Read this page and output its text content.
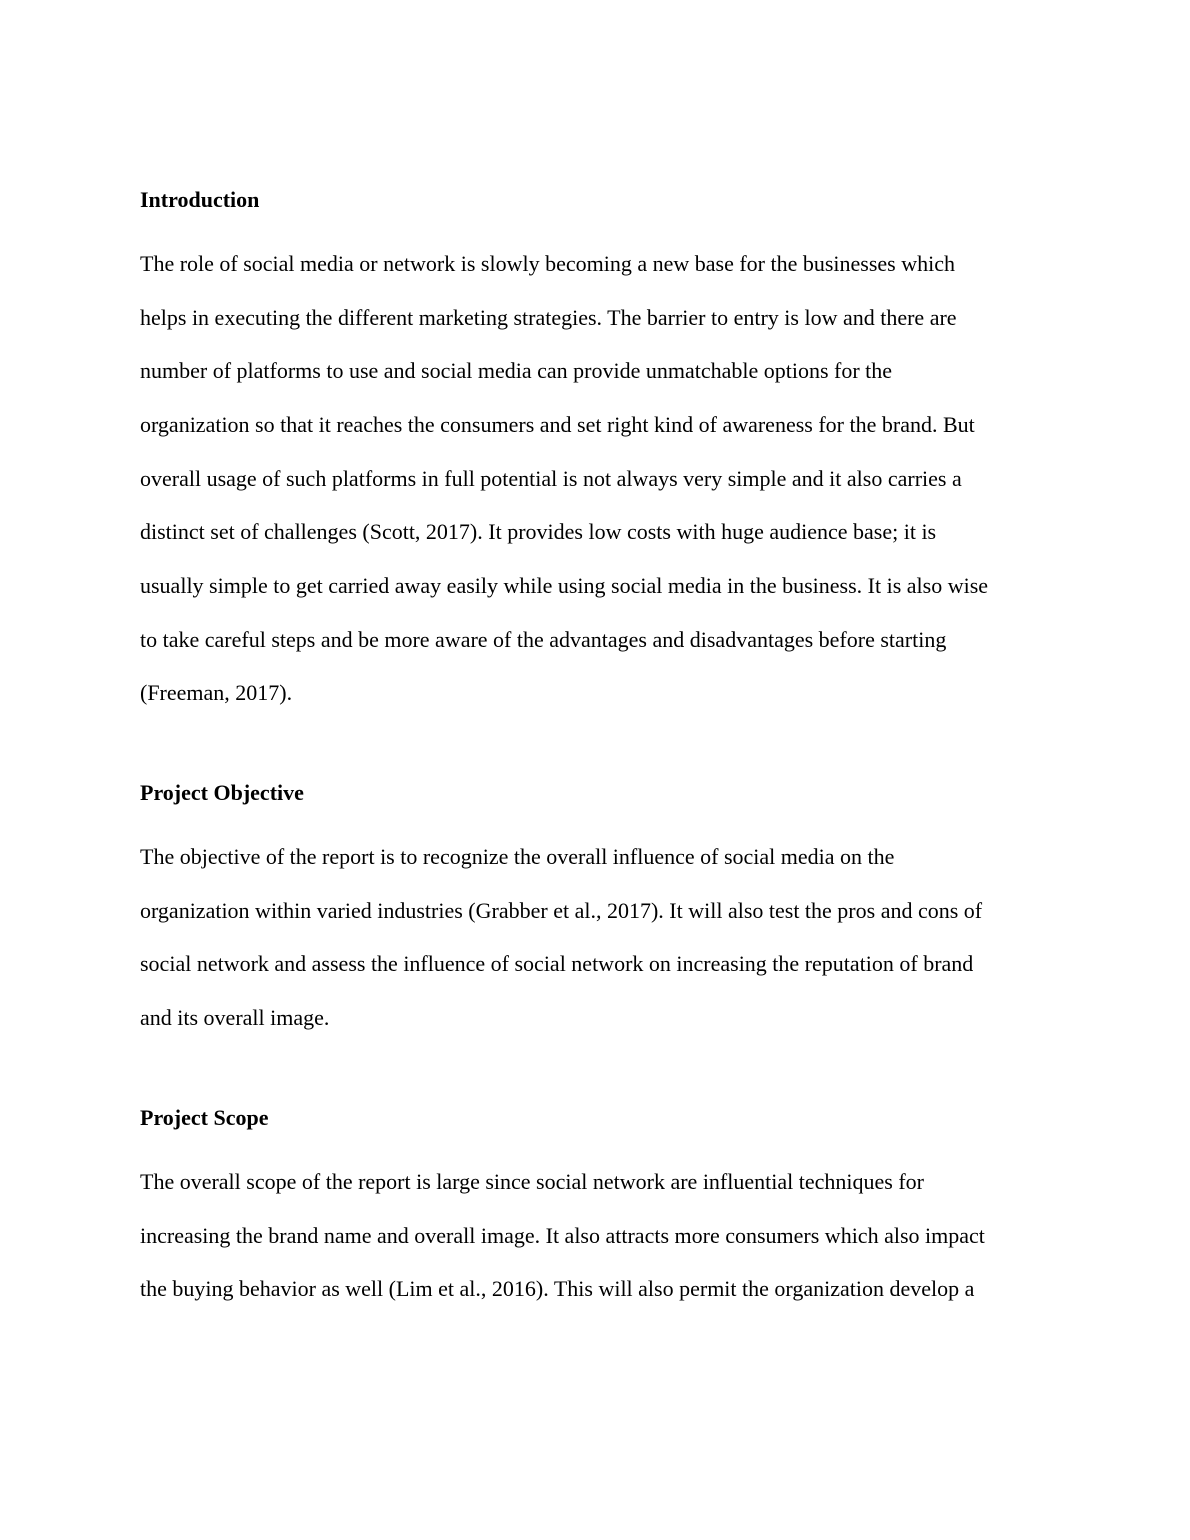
Introduction
The role of social media or network is slowly becoming a new base for the businesses which
helps in executing the different marketing strategies. The barrier to entry is low and there are
number of platforms to use and social media can provide unmatchable options for the
organization so that it reaches the consumers and set right kind of awareness for the brand. But
overall usage of such platforms in full potential is not always very simple and it also carries a
distinct set of challenges (Scott, 2017). It provides low costs with huge audience base; it is
usually simple to get carried away easily while using social media in the business. It is also wise
to take careful steps and be more aware of the advantages and disadvantages before starting
(Freeman, 2017).
Project Objective
The objective of the report is to recognize the overall influence of social media on the
organization within varied industries (Grabber et al., 2017). It will also test the pros and cons of
social network and assess the influence of social network on increasing the reputation of brand
and its overall image.
Project Scope
The overall scope of the report is large since social network are influential techniques for
increasing the brand name and overall image. It also attracts more consumers which also impact
the buying behavior as well (Lim et al., 2016). This will also permit the organization develop a
